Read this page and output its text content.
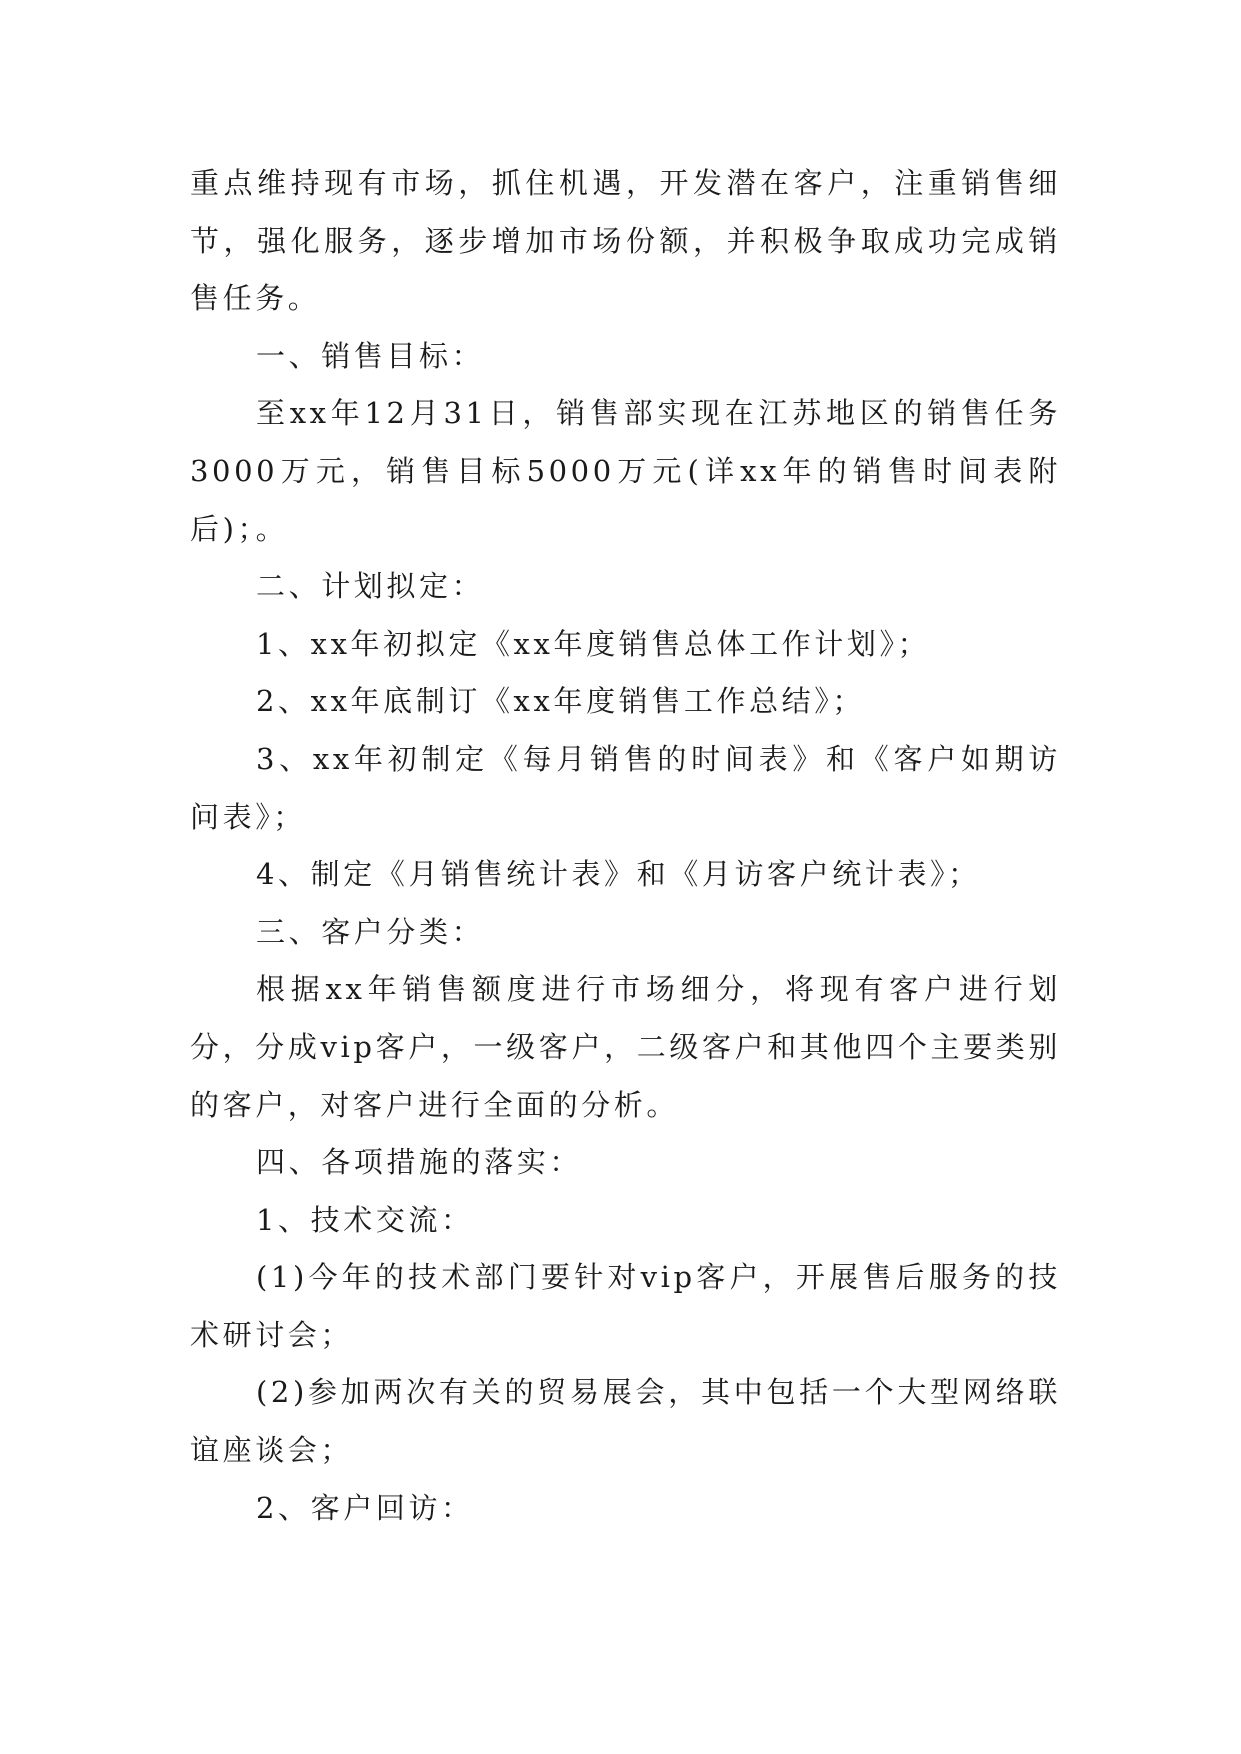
重点维持现有市场，抓住机遇，开发潜在客户，注重销售细节，强化服务，逐步增加市场份额，并积极争取成功完成销售任务。

一、销售目标：

至xx年12月31日，销售部实现在江苏地区的销售任务3000万元，销售目标5000万元(详xx年的销售时间表附后)；。

二、计划拟定：

1、xx年初拟定《xx年度销售总体工作计划》；

2、xx年底制订《xx年度销售工作总结》；

3、xx年初制定《每月销售的时间表》和《客户如期访问表》；

4、制定《月销售统计表》和《月访客户统计表》；

三、客户分类：

根据xx年销售额度进行市场细分，将现有客户进行划分，分成vip客户，一级客户，二级客户和其他四个主要类别的客户，对客户进行全面的分析。

四、各项措施的落实：

1、技术交流：

(1)今年的技术部门要针对vip客户，开展售后服务的技术研讨会；

(2)参加两次有关的贸易展会，其中包括一个大型网络联谊座谈会；

2、客户回访：
